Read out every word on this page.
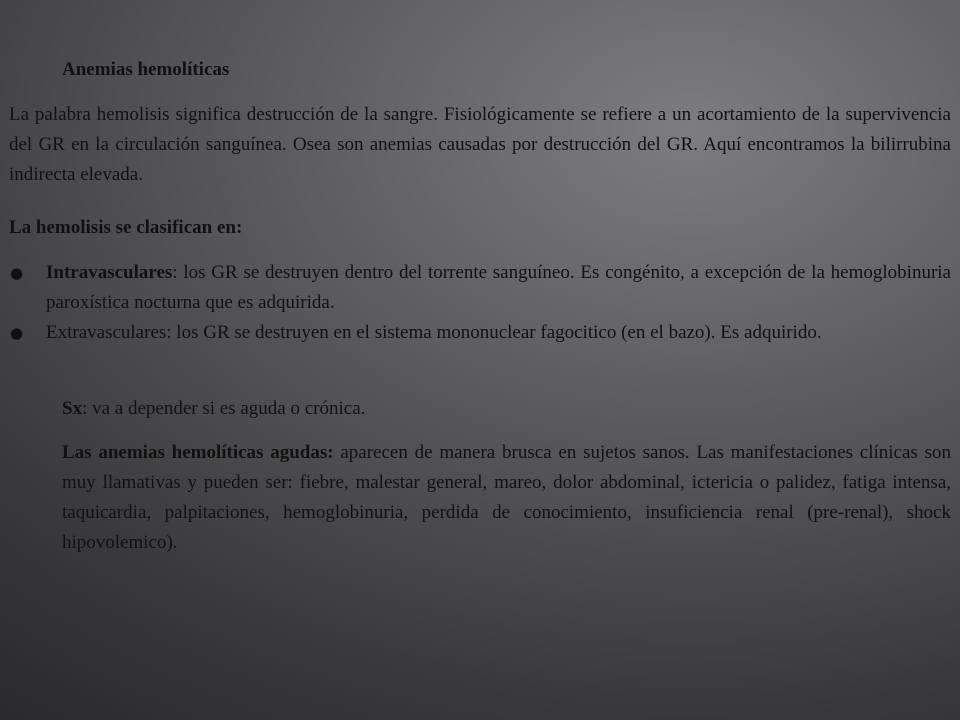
Anemias hemolíticas

La palabra hemolisis significa destrucción de la sangre. Fisiológicamente se refiere a un acortamiento de la supervivencia del GR en la circulación sanguínea. Osea son anemias causadas por destrucción del GR. Aquí encontramos la bilirrubina indirecta elevada.

La hemolisis se clasifican en:

● Intravasculares: los GR se destruyen dentro del torrente sanguíneo. Es congénito, a excepción de la hemoglobinuria paroxística nocturna que es adquirida.
● Extravasculares: los GR se destruyen en el sistema mononuclear fagocitico (en el bazo). Es adquirido.

Sx: va a depender si es aguda o crónica.

Las anemias hemolíticas agudas: aparecen de manera brusca en sujetos sanos. Las manifestaciones clínicas son muy llamativas y pueden ser: fiebre, malestar general, mareo, dolor abdominal, ictericia o palidez, fatiga intensa, taquicardia, palpitaciones, hemoglobinuria, perdida de conocimiento, insuficiencia renal (pre-renal), shock hipovolemico).
